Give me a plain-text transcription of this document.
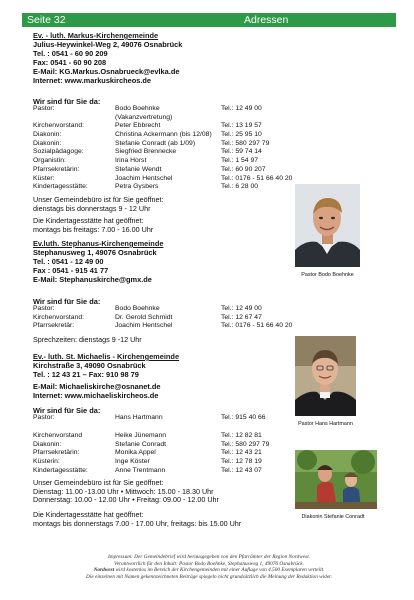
Seite 32	Adressen
Ev. - luth. Markus-Kirchengemeinde
Julius-Heywinkel-Weg 2, 49076 Osnabrück
Tel. : 0541 - 60 90 209
Fax: 0541 - 60 90 208
E-Mail: KG.Markus.Osnabrueck@evlka.de
Internet: www.markuskircheos.de
Wir sind für Sie da:
Pastor:	Bodo Boehnke	Tel.: 12 49 00
(Vakanzvertretung)
Kirchenvorstand:	Peter Ebbrecht	Tel.: 13 19 57
Diakonin:	Christina Ackermann (bis 12/08) Tel.: 25 95 10
Diakonin:	Stefanie Conradt (ab 1/09)	Tel.: 580 297 79
Sozialpädagoge:	Siegfried Brennecke	Tel.: 59 74 14
Organistin:	Irina Horst	Tel.: 1 54 97
Pfarrsekretärin:	Stefanie Wendt	Tel.: 60 90 207
Küster:	Joachim Hentschel	Tel.: 0176 - 51 66 40 20
Kindertagesstätte:	Petra Gysbers	Tel.: 6 28 00
Unser Gemeindebüro ist für Sie geöffnet:
dienstags bis donnerstags 9 - 12 Uhr
Die Kindertagesstätte hat geöffnet:
montags bis freitags: 7.00 - 16.00 Uhr
Pastor Bodo Boehnke
Ev.luth. Stephanus-Kirchengemeinde
Stephanusweg 1, 49076 Osnabrück
Tel. : 0541 - 12 49 00
Fax : 0541 - 915 41 77
E-Mail: Stephanuskirche@gmx.de
Wir sind für Sie da:
Pastor:	Bodo Boehnke	Tel.: 12 49 00
Kirchenvorstand:	Dr. Gerold Schmidt	Tel.: 12 67 47
Pfarrsekretär:	Joachim Hentschel	Tel.: 0176 - 51 66 40 20
Sprechzeiten: dienstags 9 -12 Uhr
Ev.- luth. St. Michaelis - Kirchengemeinde
Kirchstraße 3, 49090 Osnabrück
Tel. : 12 43 21 – Fax: 910 98 79
E-Mail: Michaeliskirche@osnanet.de
Internet: www.michaeliskircheos.de
Wir sind für Sie da:
Pastor:	Hans Hartmann	Tel.: 915 40 66
Kirchenvorstand	Heike Jünemann	Tel.: 12 82 81
Diakonin:	Stefanie Conradt	Tel.: 580 297 79
Pfarrsekretärin:	Monika Appel	Tel.: 12 43 21
Küsterin:	Inge Köster	Tel.: 12 78 19
Kindertagesstätte:	Anne Trentmann	Tel.: 12 43 07
Unser Gemeindebüro ist für Sie geöffnet:
Dienstag: 11.00 -13.00 Uhr • Mittwoch: 15.00 - 18.30 Uhr
Donnerstag: 10.00 - 12.00 Uhr • Freitag: 09.00 - 12.00 Uhr
Die Kindertagesstätte hat geöffnet:
montags bis donnerstags 7.00 - 17.00 Uhr, freitags: bis 15.00 Uhr
Pastor Hans Hartmann
Diakonin Stefanie Conradt
Impressum: Der Gemeindebrief wird herausgegeben von den Pfarrämter der Region Nordwest.
Verantwortlich für den Inhalt: Pastor Bodo Boehnke, Stephanusweg 1, 49076 Osnabrück.
Nordwest wird kostenlos im Bereich der Kirchengemeinden mit einer Auflage von 4.500 Exemplaren verteilt.
Die einzelnen mit Namen gekennzeichneten Beiträge spiegeln nicht grundsätzlich die Meinung der Redaktion wider.
